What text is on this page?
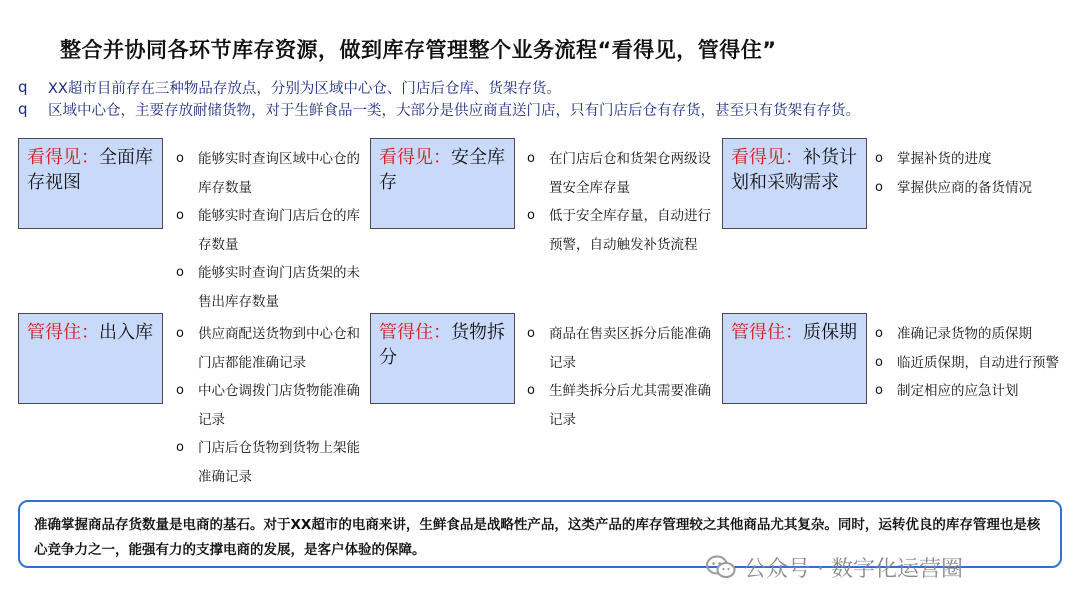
整合并协同各环节库存资源，做到库存管理整个业务流程“看得见，管得住”
q	XX超市目前存在三种物品存放点，分别为区域中心仓、门店后仓库、货架存货。
q	区域中心仓，主要存放耐储货物，对于生鲜食品一类，大部分是供应商直送门店，只有门店后仓有存货，甚至只有货架有存货。
看得见：全面库存视图
o 能够实时查询区域中心仓的库存数量
o 能够实时查询门店后仓的库存数量
o 能够实时查询门店货架的未售出库存数量
看得见：安全库存
o 在门店后仓和货架仓两级设置安全库存量
o 低于安全库存量，自动进行预警，自动触发补货流程
看得见：补货计划和采购需求
o 掌握补货的进度
o 掌握供应商的备货情况
管得住：出入库	o 供应商配送货物到中心仓和门店都能准确记录
o 中心仓调拨门店货物能准确记录
o 门店后仓货物到货物上架能准确记录
管得住：货物拆分
o 商品在售卖区拆分后能准确记录
o 生鲜类拆分后尤其需要准确记录
管得住：质保期	o 准确记录货物的质保期
o 临近质保期，自动进行预警
o 制定相应的应急计划
准确掌握商品存货数量是电商的基石。对于XX超市的电商来讲，生鲜食品是战略性产品，这类产品的库存管理较之其他商品尤其复杂。同时，运转优良的库存管理也是核心竞争力之一，能强有力的支撑电商的发展，是客户体验的保障。
公众号 · 数字化运营圈
